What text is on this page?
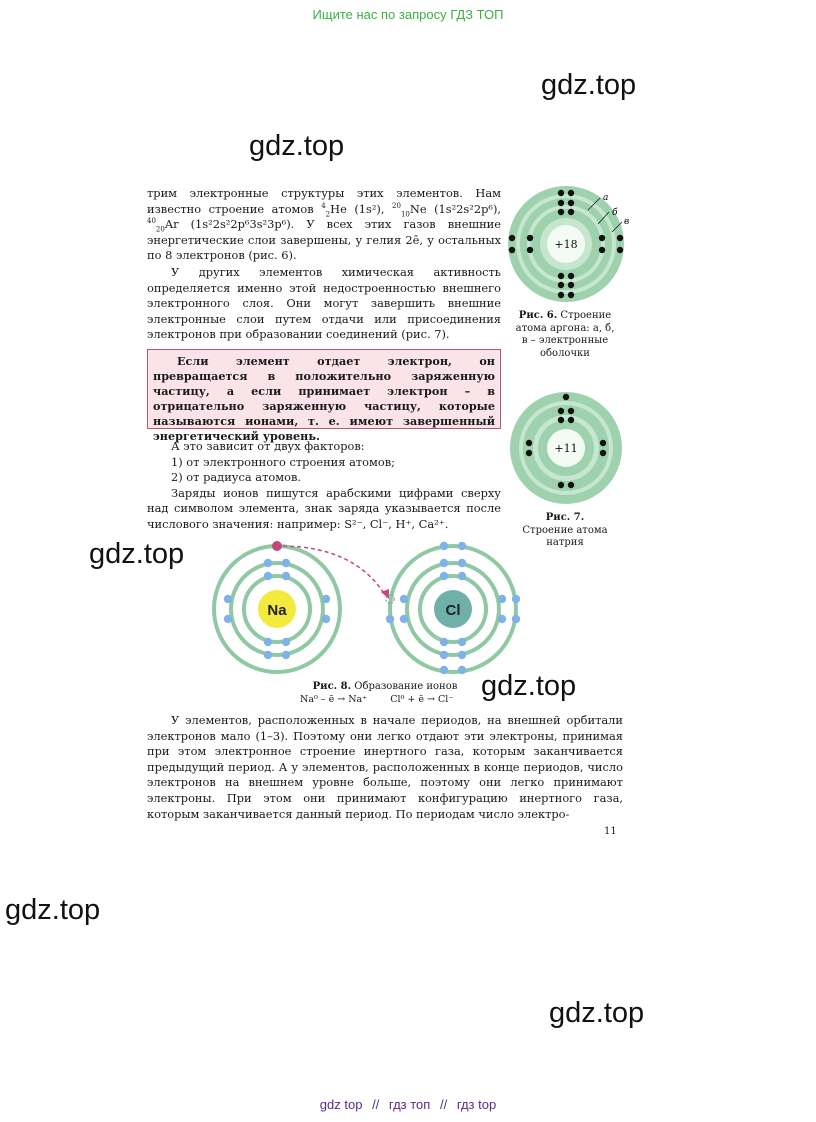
Ищите нас по запросу ГДЗ ТОП
gdz.top
gdz.top
gdz.top
gdz.top
gdz.top
gdz.top

трим электронные структуры этих элементов. Нам известно строение атомов $^4_2$He (1s²), $^{20}_{10}$Ne (1s²2s²2p⁶), $^{40}_{20}$Ar (1s²2s²2p⁶3s²3p⁶). У всех этих газов внешние энергетические слои завершены, у гелия 2ē, у остальных по 8 электронов (рис. 6).

У других элементов химическая активность определяется именно этой недостроенностью внешнего электронного слоя. Они могут завершить внешние электронные слои путем отдачи или присоединения электронов при образовании соединений (рис. 7).

Если элемент отдает электрон, он превращается в положительно заряженную частицу, а если принимает электрон – в отрицательно заряженную частицу, которые называются ионами, т. е. имеют завершенный энергетический уровень.

А это зависит от двух факторов:

1) от электронного строения атомов;

2) от радиуса атомов.

Заряды ионов пишутся арабскими цифрами сверху над символом элемента, знак заряда указывается после числового значения: например: S²⁻, Cl⁻, H⁺, Ca²⁺.

+18
а
б
в
Рис. 6. Строение атома аргона: а, б, в – электронные оболочки
+11
Рис. 7.
Строение атома натрия
Na	Cl
Рис. 8. Образование ионов
Na⁰ – ē → Na⁺ Cl⁰ + ē → Cl⁻

У элементов, расположенных в начале периодов, на внешней орбитали электронов мало (1–3). Поэтому они легко отдают эти электроны, принимая при этом электронное строение инертного газа, которым заканчивается предыдущий период. А у элементов, расположенных в конце периодов, число электронов на внешнем уровне больше, поэтому они легко принимают электроны. При этом они принимают конфигурацию инертного газа, которым заканчивается данный период. По периодам число электро-

11
gdz top // гдз топ // гдз top
